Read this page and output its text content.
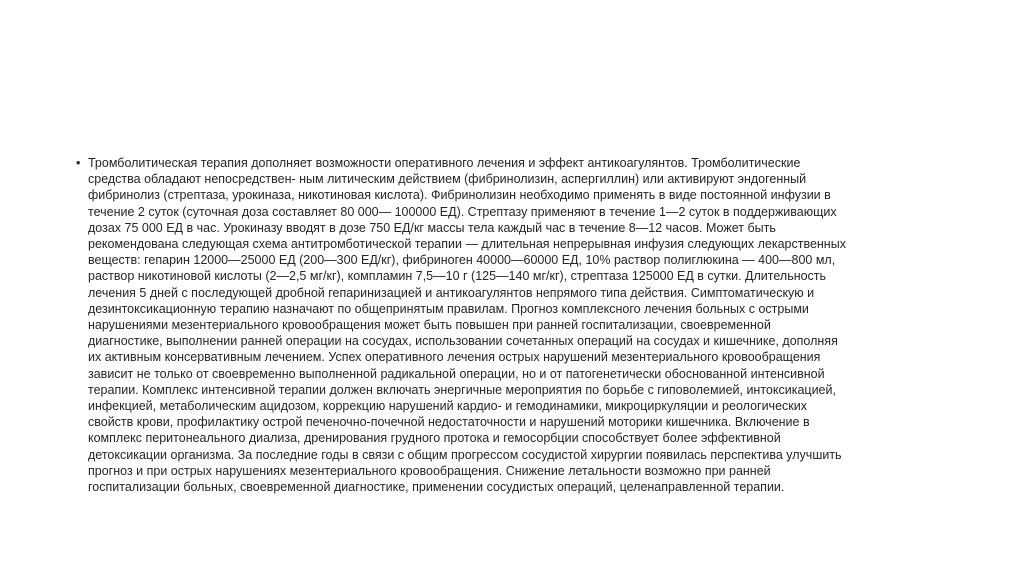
• Тромболитическая терапия дополняет возможности оперативного лечения и эффект антикоагулянтов. Тромболитические
средства обладают непосредствен- ным литическим действием (фибринолизин, аспергиллин) или активируют эндогенный
фибринолиз (стрептаза, урокиназа, никотиновая кислота). Фибринолизин необходимо применять в виде постоянной инфузии в
течение 2 суток (суточная доза составляет 80 000— 100000 ЕД). Стрептазу применяют в течение 1—2 суток в поддерживающих
дозах 75 000 ЕД в час. Урокиназу вводят в дозе 750 ЕД/кг массы тела каждый час в течение 8—12 часов. Может быть
рекомендована следующая схема антитромботической терапии — длительная непрерывная инфузия следующих лекарственных
веществ: гепарин 12000—25000 ЕД (200—300 ЕД/кг), фибриноген 40000—60000 ЕД, 10% раствор полиглюкина — 400—800 мл,
раствор никотиновой кислоты (2—2,5 мг/кг), компламин 7,5—10 г (125—140 мг/кг), стрептаза 125000 ЕД в сутки. Длительность
лечения 5 дней с последующей дробной гепаринизацией и антикоагулянтов непрямого типа действия. Симптоматическую и
дезинтоксикационную терапию назначают по общепринятым правилам. Прогноз комплексного лечения больных с острыми
нарушениями мезентериального кровообращения может быть повышен при ранней госпитализации, своевременной
диагностике, выполнении ранней операции на сосудах, использовании сочетанных операций на сосудах и кишечнике, дополняя
их активным консервативным лечением. Успех оперативного лечения острых нарушений мезентериального кровообращения
зависит не только от своевременно выполненной радикальной операции, но и от патогенетически обоснованной интенсивной
терапии. Комплекс интенсивной терапии должен включать энергичные мероприятия по борьбе с гиповолемией, интоксикацией,
инфекцией, метаболическим ацидозом, коррекцию нарушений кардио- и гемодинамики, микроциркуляции и реологических
свойств крови, профилактику острой печеночно-почечной недостаточности и нарушений моторики кишечника. Включение в
комплекс перитонеального диализа, дренирования грудного протока и гемосорбции способствует более эффективной
детоксикации организма. За последние годы в связи с общим прогрессом сосудистой хирургии появилась перспектива улучшить
прогноз и при острых нарушениях мезентериального кровообращения. Снижение летальности возможно при ранней
госпитализации больных, своевременной диагностике, применении сосудистых операций, целенаправленной терапии.
